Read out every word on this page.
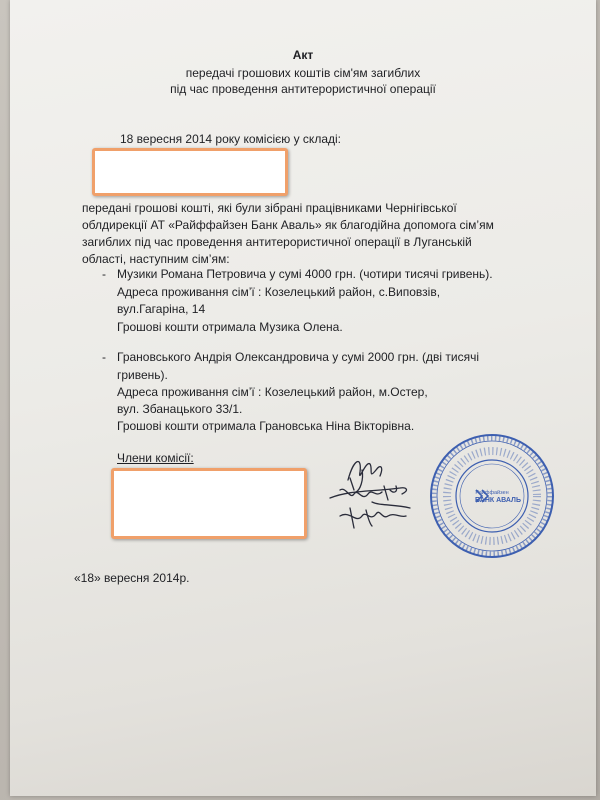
Акт
передачі грошових коштів сім'ям загиблих
під час проведення антитерористичної операції
18 вересня 2014 року комісією у складі:
передані грошові кошті, які були зібрані працівниками Чернігівської
облдирекції АТ «Райффайзен Банк Аваль» як благодійна допомога сім’ям
загиблих під час проведення антитерористичної операції в Луганській
області, наступним сім’ям:
- Музики Романа Петровича у сумі 4000 грн. (чотири тисячі гривень).
Адреса проживання сім’ї : Козелецький район, с.Виповзів,
вул.Гагаріна, 14
Грошові кошти отримала Музика Олена.
- Грановського Андрія Олександровича у сумі 2000 грн. (дві тисячі
гривень).
Адреса проживання сім’ї : Козелецький район, м.Остер,
вул. Збанацького 33/1.
Грошові кошти отримала Грановська Ніна Вікторівна.
Члени комісії:
Райффайзен
БАНК АВАЛЬ
«18» вересня 2014р.
